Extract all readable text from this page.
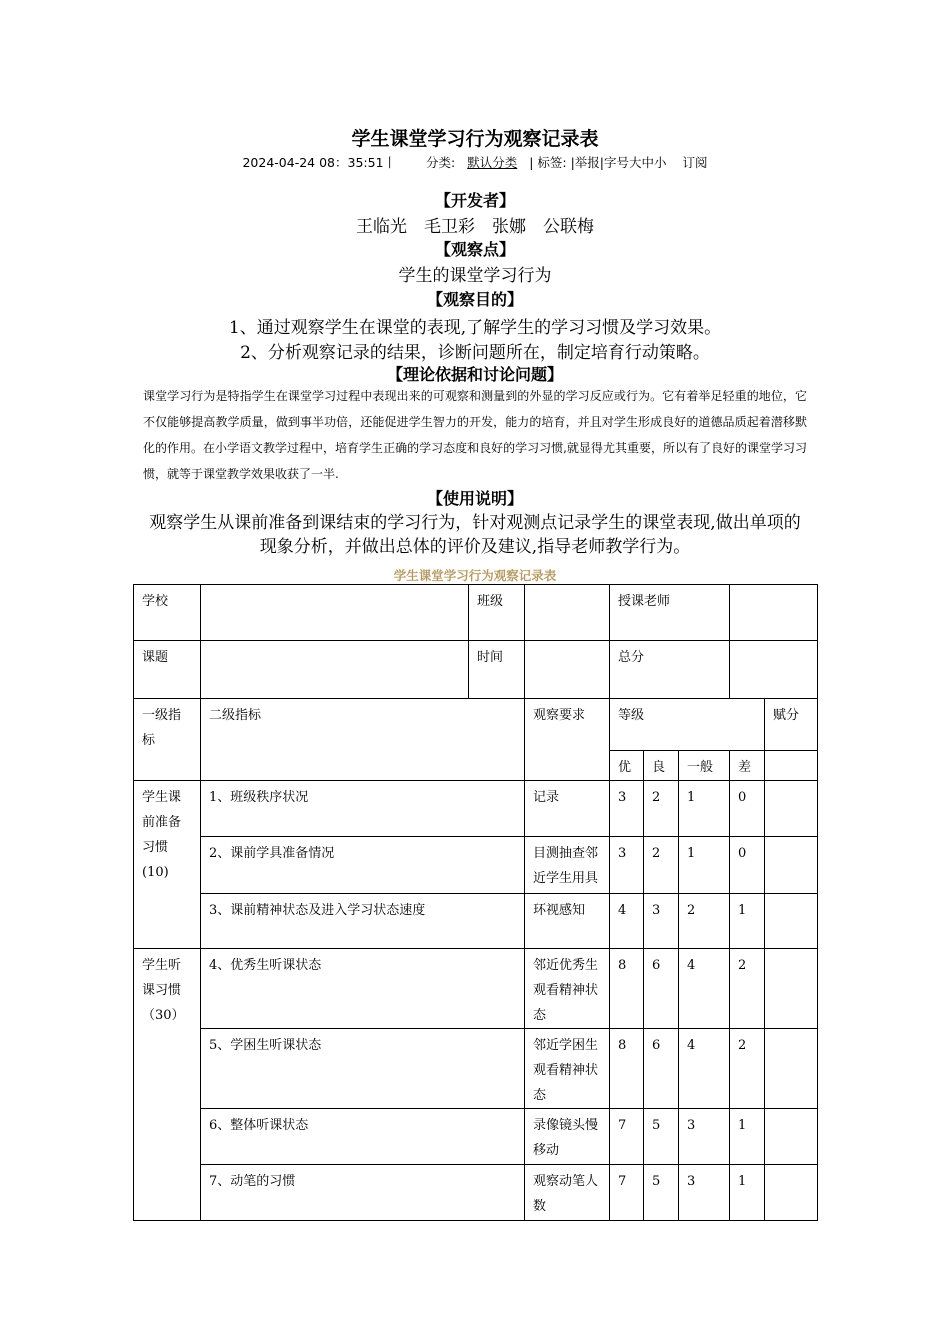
学生课堂学习行为观察记录表
2024-04-24 08：35:51丨 分类: 默认分类 | 标签: |举报|字号大中小 订阅
【开发者】
王临光　毛卫彩　张娜　公联梅
【观察点】
学生的课堂学习行为
【观察目的】
1、通过观察学生在课堂的表现,了解学生的学习习惯及学习效果。
2、分析观察记录的结果，诊断问题所在，制定培育行动策略。
【理论依据和讨论问题】
课堂学习行为是特指学生在课堂学习过程中表现出来的可观察和测量到的外显的学习反应或行为。它有着举足轻重的地位，它不仅能够提高教学质量，做到事半功倍，还能促进学生智力的开发，能力的培育，并且对学生形成良好的道德品质起着潜移默化的作用。在小学语文教学过程中，培育学生正确的学习态度和良好的学习习惯,就显得尤其重要，所以有了良好的课堂学习习惯，就等于课堂教学效果收获了一半.
【使用说明】
观察学生从课前准备到课结束的学习行为，针对观测点记录学生的课堂表现,做出单项的现象分析，并做出总体的评价及建议,指导老师教学行为。
学生课堂学习行为观察记录表
学校		班级		授课老师				
课题		时间		总分				
一级指标	二级指标		观察要求	等级				赋分
				优	良	一般	差	
学生课前准备习惯(10)	1、班级秩序状况		记录	3	2	1	0	
	2、课前学具准备情况		目测抽查邻近学生用具	3	2	1	0	
	3、课前精神状态及进入学习状态速度		环视感知	4	3	2	1	
学生听课习惯（30）	4、优秀生听课状态		邻近优秀生观看精神状态	8	6	4	2	
	5、学困生听课状态		邻近学困生观看精神状态	8	6	4	2	
	6、整体听课状态		录像镜头慢移动	7	5	3	1	
	7、动笔的习惯		观察动笔人数	7	5	3	1	
